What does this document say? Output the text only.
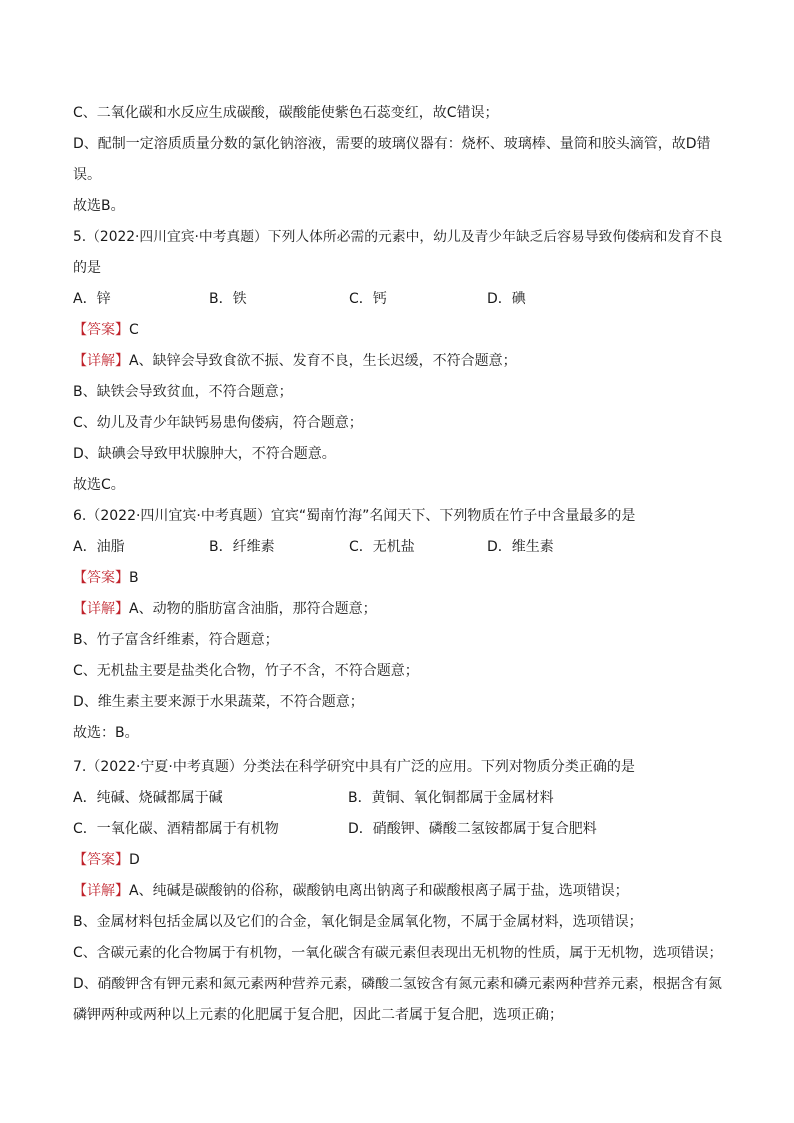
C、二氧化碳和水反应生成碳酸，碳酸能使紫色石蕊变红，故C错误；
D、配制一定溶质质量分数的氯化钠溶液，需要的玻璃仪器有：烧杯、玻璃棒、量筒和胶头滴管，故D错
误。
故选B。
5.（2022·四川宜宾·中考真题）下列人体所必需的元素中，幼儿及青少年缺乏后容易导致佝偻病和发育不良
的是
A．锌	B．铁	C．钙	D．碘
【答案】C
【详解】A、缺锌会导致食欲不振、发育不良，生长迟缓，不符合题意；
B、缺铁会导致贫血，不符合题意；
C、幼儿及青少年缺钙易患佝偻病，符合题意；
D、缺碘会导致甲状腺肿大，不符合题意。
故选C。
6.（2022·四川宜宾·中考真题）宜宾“蜀南竹海”名闻天下、下列物质在竹子中含量最多的是
A．油脂	B．纤维素	C．无机盐	D．维生素
【答案】B
【详解】A、动物的脂肪富含油脂，那符合题意；
B、竹子富含纤维素，符合题意；
C、无机盐主要是盐类化合物，竹子不含，不符合题意；
D、维生素主要来源于水果蔬菜，不符合题意；
故选：B。
7.（2022·宁夏·中考真题）分类法在科学研究中具有广泛的应用。下列对物质分类正确的是
A．纯碱、烧碱都属于碱	B．黄铜、氧化铜都属于金属材料
C．一氧化碳、酒精都属于有机物	D．硝酸钾、磷酸二氢铵都属于复合肥料
【答案】D
【详解】A、纯碱是碳酸钠的俗称，碳酸钠电离出钠离子和碳酸根离子属于盐，选项错误；
B、金属材料包括金属以及它们的合金，氧化铜是金属氧化物，不属于金属材料，选项错误；
C、含碳元素的化合物属于有机物，一氧化碳含有碳元素但表现出无机物的性质，属于无机物，选项错误；
D、硝酸钾含有钾元素和氮元素两种营养元素，磷酸二氢铵含有氮元素和磷元素两种营养元素，根据含有氮
磷钾两种或两种以上元素的化肥属于复合肥，因此二者属于复合肥，选项正确；
